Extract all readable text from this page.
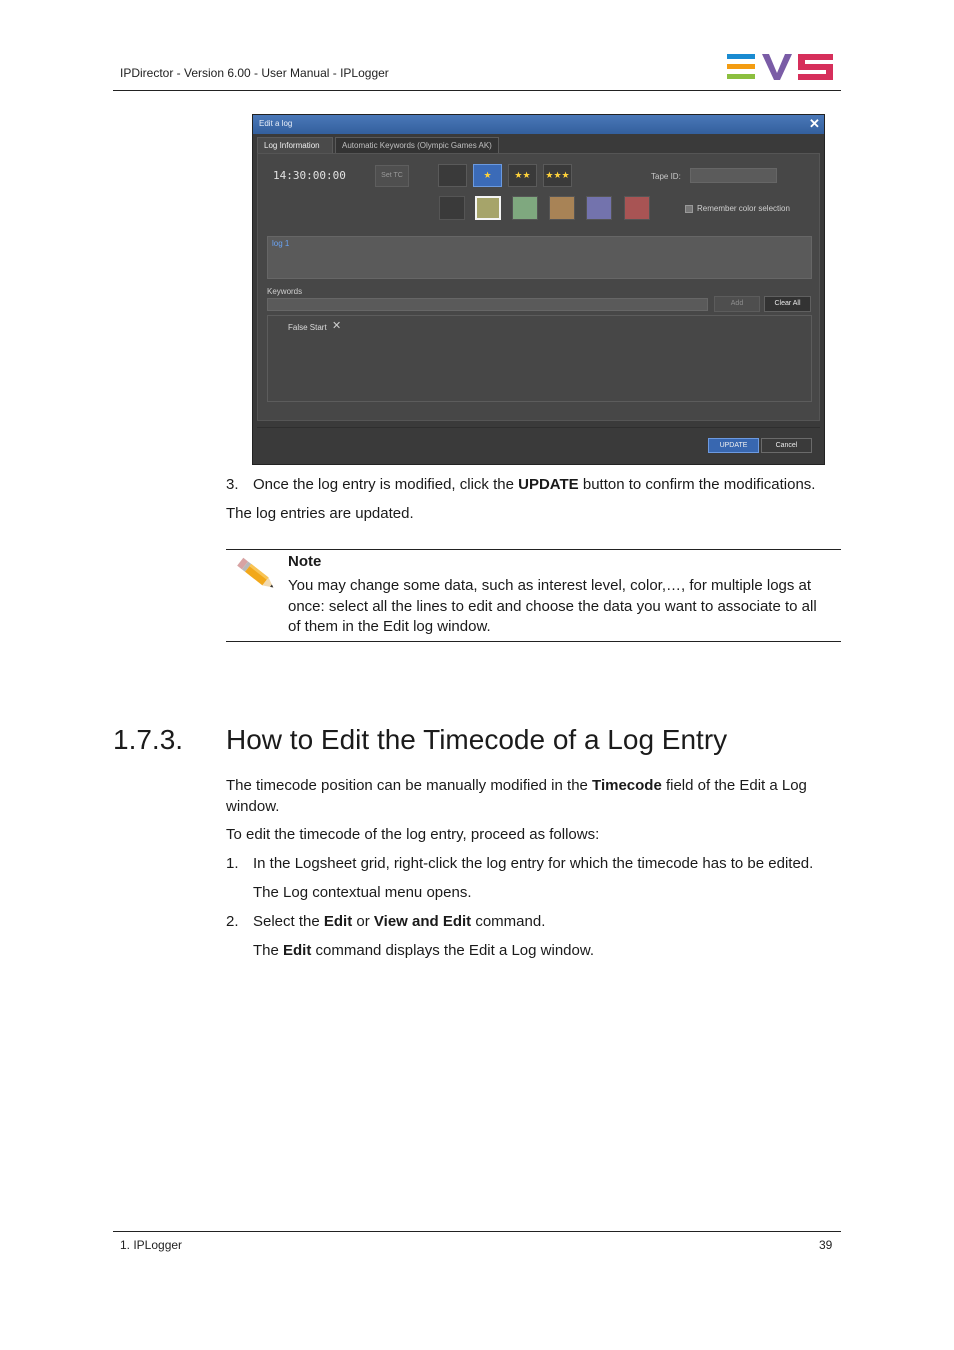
IPDirector - Version 6.00 - User Manual - IPLogger
Edit a log	✕
Log Information	Automatic Keywords (Olympic Games AK)
14:30:00:00	Set TC	★	★★	★★★	Tape ID:
Remember color selection
log 1
Keywords
Add	Clear All
False Start ✕
UPDATE	Cancel
3. Once the log entry is modified, click the UPDATE button to confirm the modifications.
The log entries are updated.
Note
You may change some data, such as interest level, color,…, for multiple logs at
once: select all the lines to edit and choose the data you want to associate to all
of them in the Edit log window.
1.7.3. How to Edit the Timecode of a Log Entry
The timecode position can be manually modified in the Timecode field of the Edit a Log
window.
To edit the timecode of the log entry, proceed as follows:
1. In the Logsheet grid, right-click the log entry for which the timecode has to be edited.
The Log contextual menu opens.
2. Select the Edit or View and Edit command.
The Edit command displays the Edit a Log window.
1. IPLogger	39
